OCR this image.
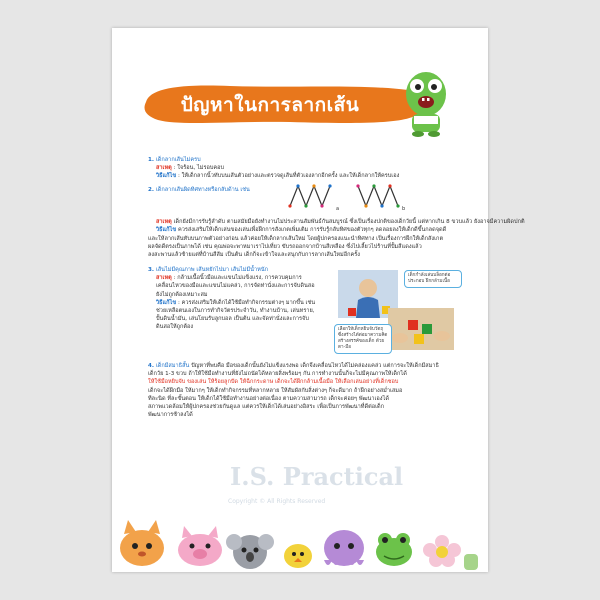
ปัญหาในการลากเส้น
1. เด็กลากเส้นไม่ครบ
สาเหตุ : ใจร้อน, ไม่รอบคอบ
วิธีแก้ไข : ให้เด็กลากนิ้วทับบนเส้นตัวอย่างและตรวจดูเส้นที่ตัวเองลากอีกครั้ง และให้เด็กลากให้ครบเอง
2. เด็กลากเส้นผิดทิศทางหรือกลับด้าน เช่น
a	b
สาเหตุ เด็กยังมีการรับรู้ลำดับ ตามสมัยมือยังทำงานไม่ประสานสัมพันธ์กันสมบูรณ์ ซึ่งเป็นเรื่องปกติของเด็กวัยนี้ แต่หากเกิน 8 ขวบแล้ว ยังอาจมีความผิดปกติ
วิธีแก้ไข ควรส่งเสริมให้เด็กเล่นของเล่นเพื่อฝึกการสังเกตเพิ่มเติม การรับรู้กลับทิศของตัวทุกๆ ลดลอยลงให้เด็กดีขึ้นกลดจุดดี
และให้ลากเส้นทับบนภาพตัวอย่างก่อน แล้วค่อยให้เด็กลากเส้นใหม่ โดยผู้ปกครองแนะนำทิศทาง เป็นเรื่องการฝึกให้เด็กสังเกต
ผลจัดดีตรงเป็นภาพได้ เช่น คุณพ่อจะพาหมาเราไปเที่ยว ขับรถออกจากบ้านสีเหลือง ซึ่งไปเลี้ยวไปร้านที่ปั้มสีแดงแล้ว
ลงสะพานแล้วซ้ายแต่ที่บ้านสีส้ม เป็นต้น เด็กก็จะเข้าใจและสนุกกับการลากเส้นใหม่อีกครั้ง
3. เส้นไม่มีคุณภาพ เส้นหยักไปมา เส้นไม่มีน้ำหนัก
สาเหตุ : กล้ามเนื้อนิ้วมือและแขนไม่แข็งแรง, การควบคุมการ
เคลื่อนไหวของมือและแขนไม่แคล่ว, การจัดท่านั่งและการจับดินสอ
ยังไม่ถูกต้องเหมาะสม
วิธีแก้ไข : ควรส่งเสริมให้เด็กได้ใช้มือทำกิจกรรมต่างๆ มากขึ้น เช่น
ช่วยเหลือตนเองในการทำกิจวัตรประจำวัน, ทำงานบ้าน, เล่นทราย,
ปั้นดินน้ำมัน, เล่นโยนรับลูกบอล เป็นต้น และจัดท่านั่งและการจับ
ดินสอให้ถูกต้อง
เด็กกำลังเล่นบล็อกต่อประกอบ ฝึกกล้ามเนื้อ
เลือกให้เด็กหยิบจับวัตถุ ซึ่งสร้างได้ต่อมาความคิดสร้างสรรค์ของเด็ก ด้วย ตา-มือ
4. เด็กมีสมาธิสั้น ปัญหาที่พบคือ มือของเด็กนั้นยังไม่แข็งแรงพอ เด็กจึงเคลื่อนไหวได้ไม่คล่องแคล่ว แต่การจะให้เด็กมีสมาธิ
เด็กวัย 1-3 ขวบ ถ้าให้ใช้มือทำงานที่ยังไม่ถนัดได้หลายสิ่งพร้อมๆ กัน การทำงานนั้นก็จะไม่มีคุณภาพให้เด็กได้
ให้ใช้มือหยิบจับ ของเล่น ให้ร้อยลูกปัด ให้ฉีกกระดาษ เด็กจะได้ฝึกกล้ามเนื้อมือ ให้เลือกเล่นอย่างที่เด็กชอบ
เด็กจะได้ฝึกมือ ให้มากๆ ให้เด็กทำกิจกรรมที่หลากหลาย ให้สัมผัสกับสิ่งต่างๆ ก็จะดีมาก ถ้าฝึกอย่างสม่ำเสมอ
ทีละนิด ที่ละขั้นตอน ให้เด็กได้ใช้มือทำงานอย่างต่อเนื่อง ตามความสามารถ เด็กจะค่อยๆ พัฒนาเองได้
สภาพแวดล้อมให้ผู้ปกครองช่วยกันดูแล แต่ควรให้เด็กได้เล่นอย่างอิสระ เพื่อเป็นการพัฒนาที่ดีต่อเด็ก
พัฒนาการช้าลงได้
I.S. Practical
Copyright © All Rights Reserved
